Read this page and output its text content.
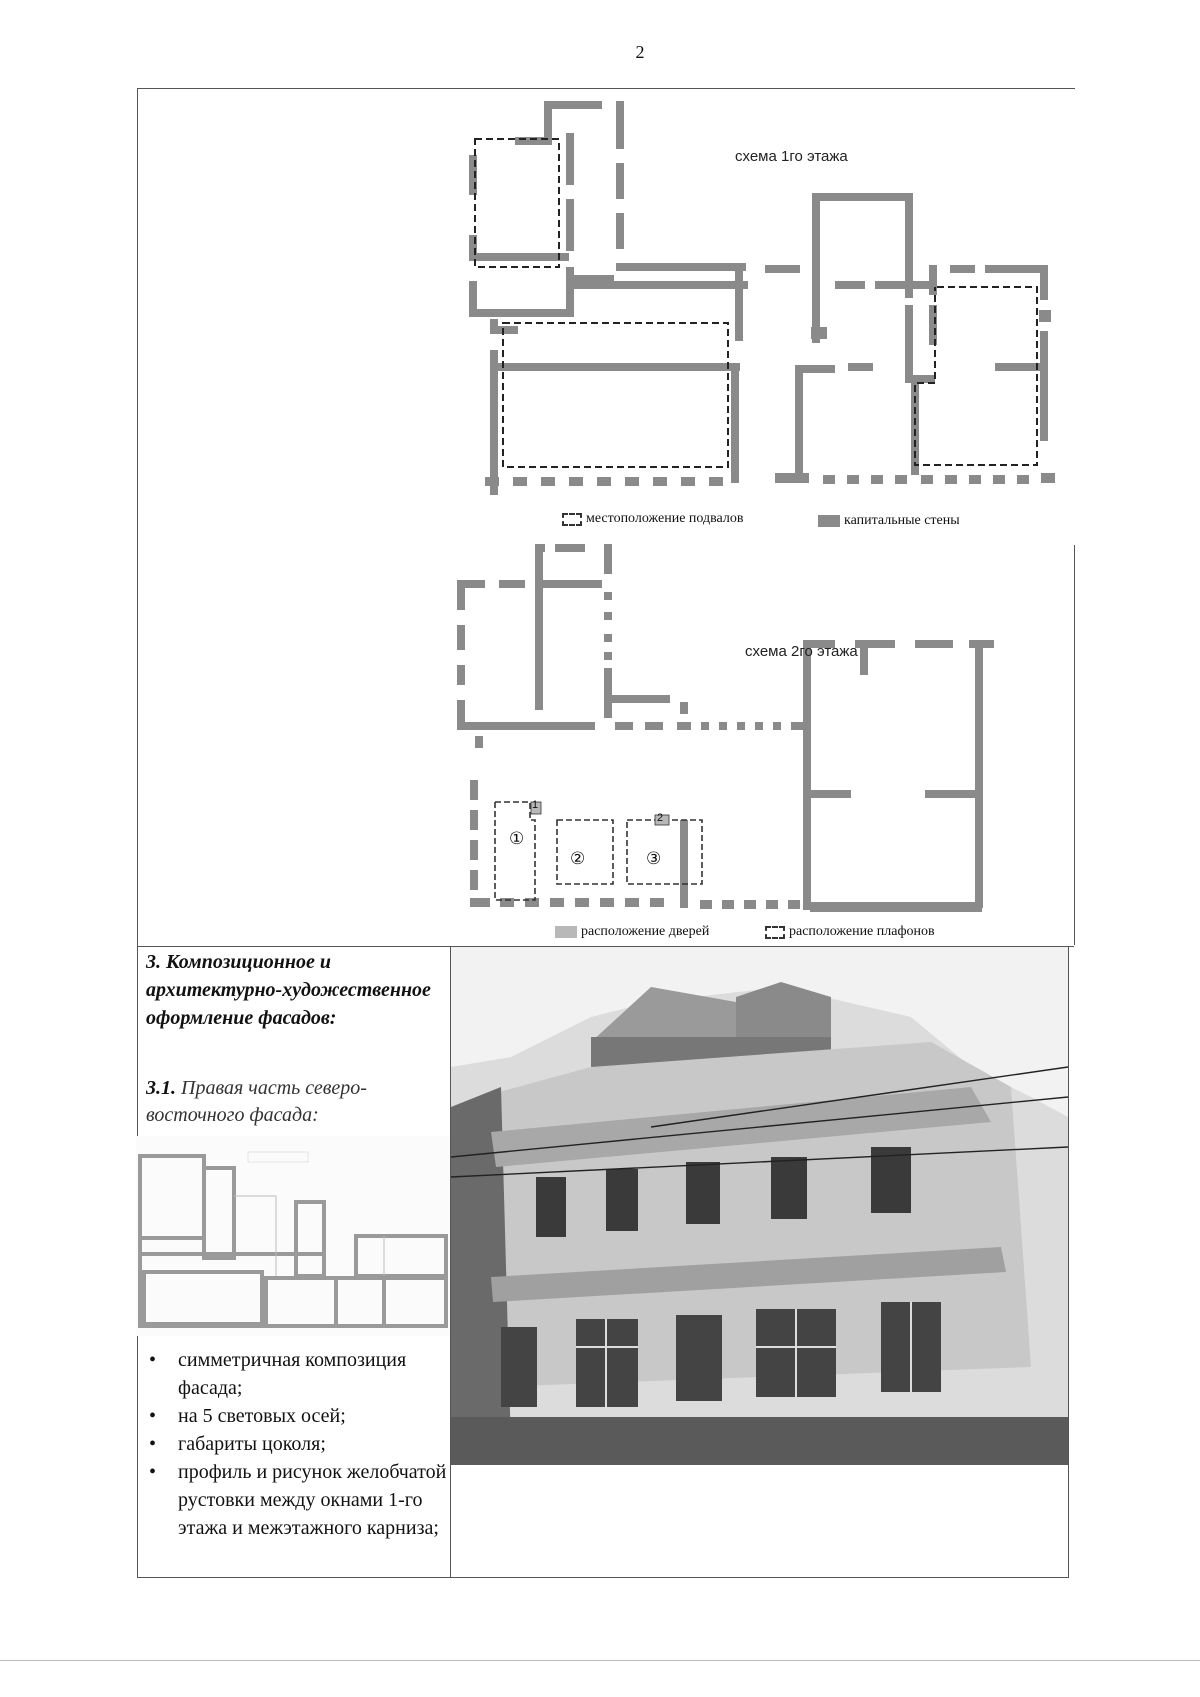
2
схема 1го этажа
местоположение подвалов	капитальные стены
схема 2го этажа
1
2
①
②	③
расположение дверей	расположение плафонов
3. Композиционное и архитектурно-художественное оформление фасадов:
3.1. Правая часть северо-восточного фасада:
• симметричная композиция фасада;
• на 5 световых осей;
• габариты цоколя;
• профиль и рисунок желобчатой рустовки между окнами 1-го этажа и межэтажного карниза;
